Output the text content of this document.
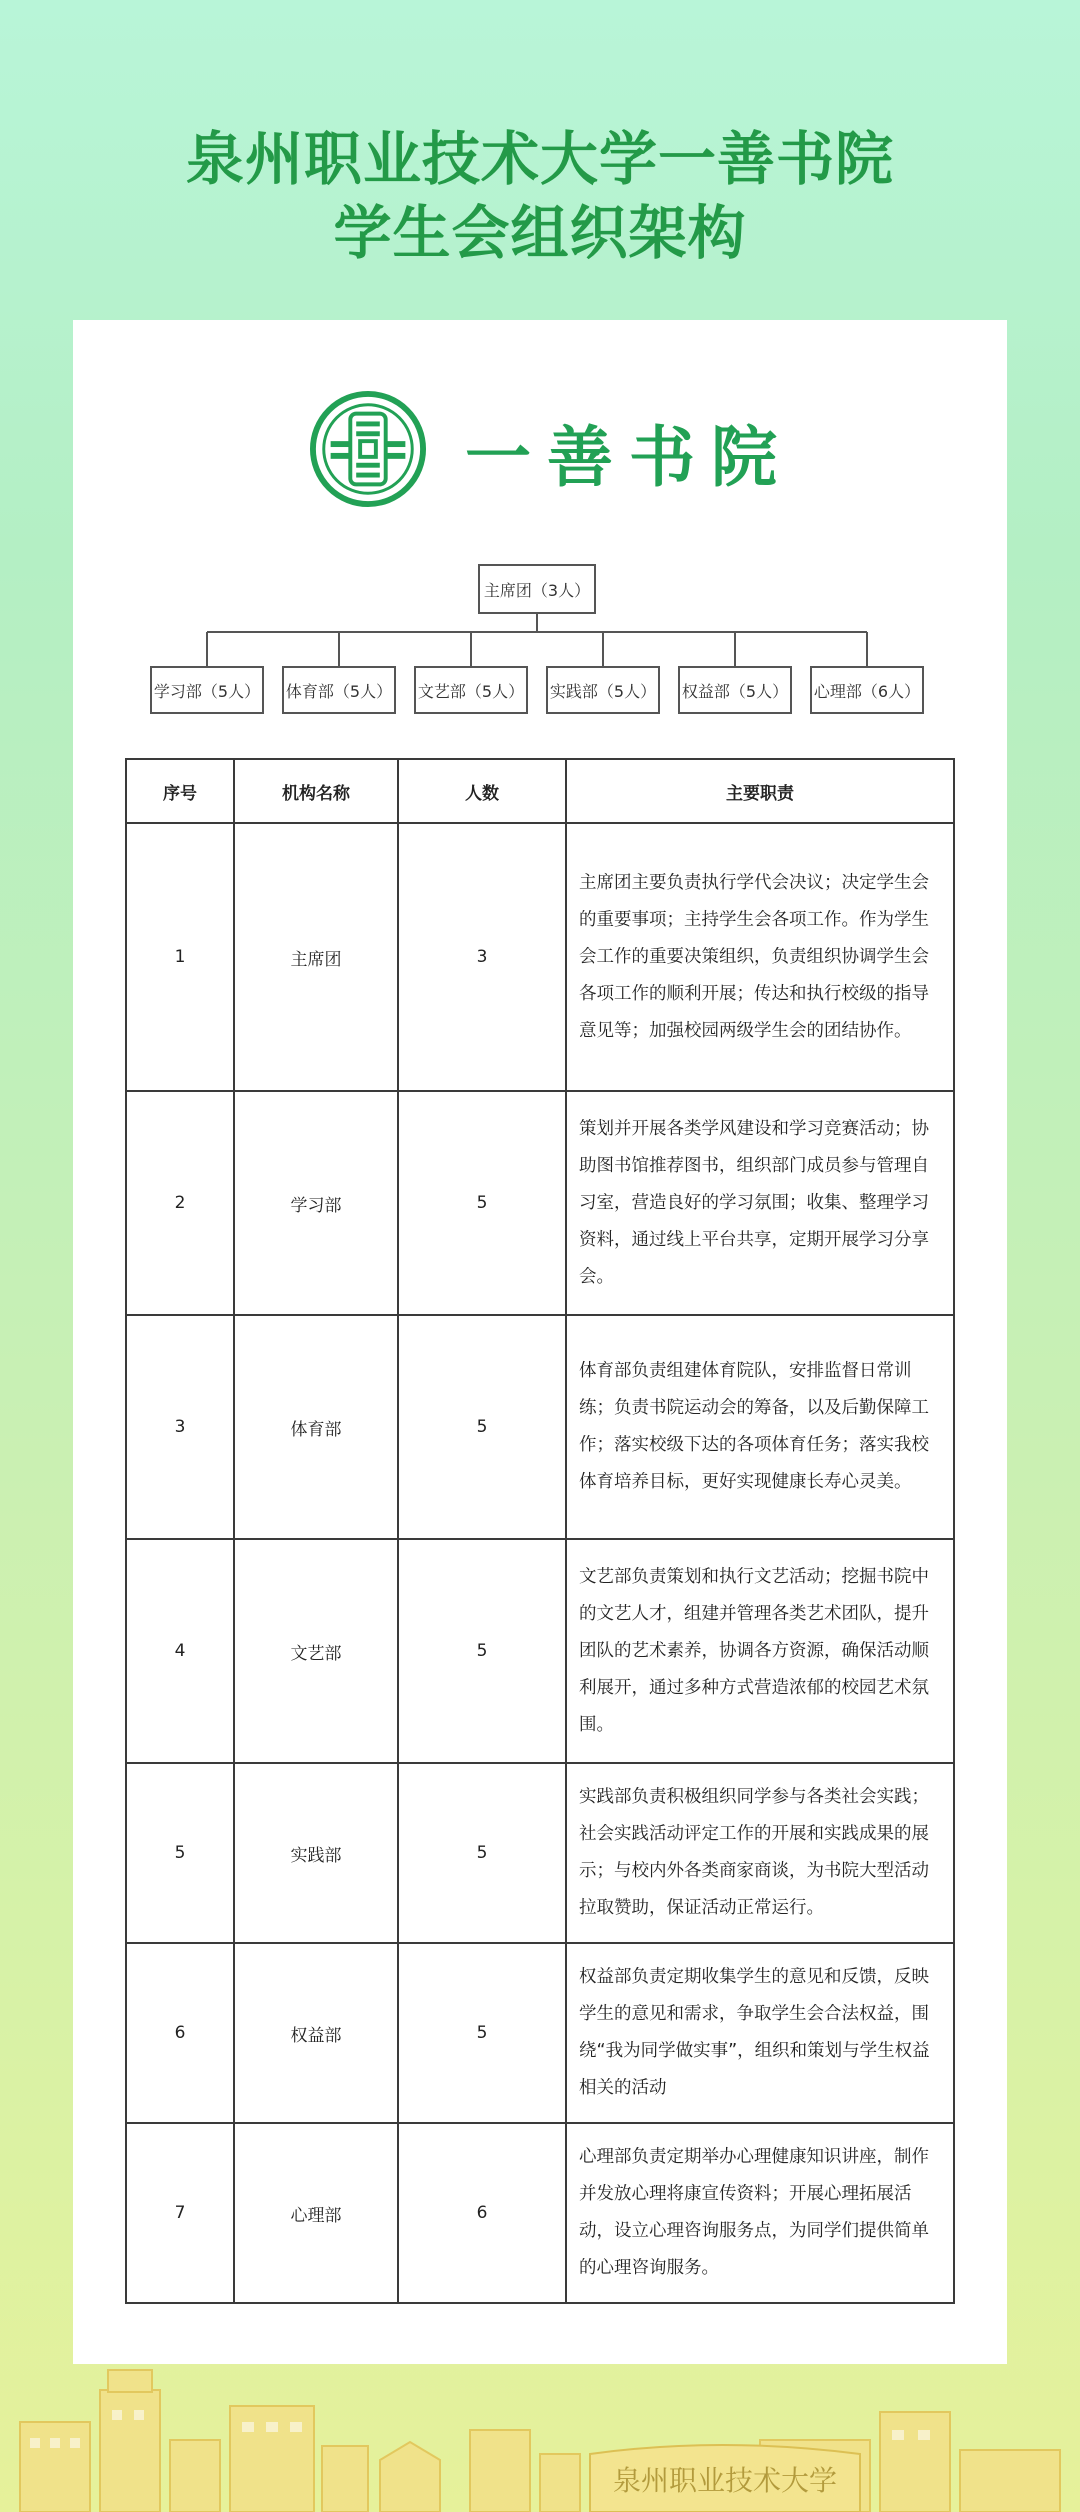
泉州职业技术大学一善书院
学生会组织架构
一善书院
主席团（3人）
学习部（5人） 体育部（5人） 文艺部（5人） 实践部（5人） 权益部（5人） 心理部（6人）
序号	机构名称	人数	主要职责
1	主席团	3	主席团主要负责执行学代会决议；决定学生会的重要事项；主持学生会各项工作。作为学生会工作的重要决策组织，负责组织协调学生会各项工作的顺利开展；传达和执行校级的指导意见等；加强校园两级学生会的团结协作。
2	学习部	5	策划并开展各类学风建设和学习竞赛活动；协助图书馆推荐图书，组织部门成员参与管理自习室，营造良好的学习氛围；收集、整理学习资料，通过线上平台共享，定期开展学习分享会。
3	体育部	5	体育部负责组建体育院队，安排监督日常训练；负责书院运动会的筹备，以及后勤保障工作；落实校级下达的各项体育任务；落实我校体育培养目标，更好实现健康长寿心灵美。
4	文艺部	5	文艺部负责策划和执行文艺活动；挖掘书院中的文艺人才，组建并管理各类艺术团队，提升团队的艺术素养，协调各方资源，确保活动顺利展开，通过多种方式营造浓郁的校园艺术氛围。
5	实践部	5	实践部负责积极组织同学参与各类社会实践；社会实践活动评定工作的开展和实践成果的展示；与校内外各类商家商谈，为书院大型活动拉取赞助，保证活动正常运行。
6	权益部	5	权益部负责定期收集学生的意见和反馈，反映学生的意见和需求，争取学生会合法权益，围绕“我为同学做实事”，组织和策划与学生权益相关的活动
7	心理部	6	心理部负责定期举办心理健康知识讲座，制作并发放心理将康宣传资料；开展心理拓展活动，设立心理咨询服务点，为同学们提供简单的心理咨询服务。
泉州职业技术大学
